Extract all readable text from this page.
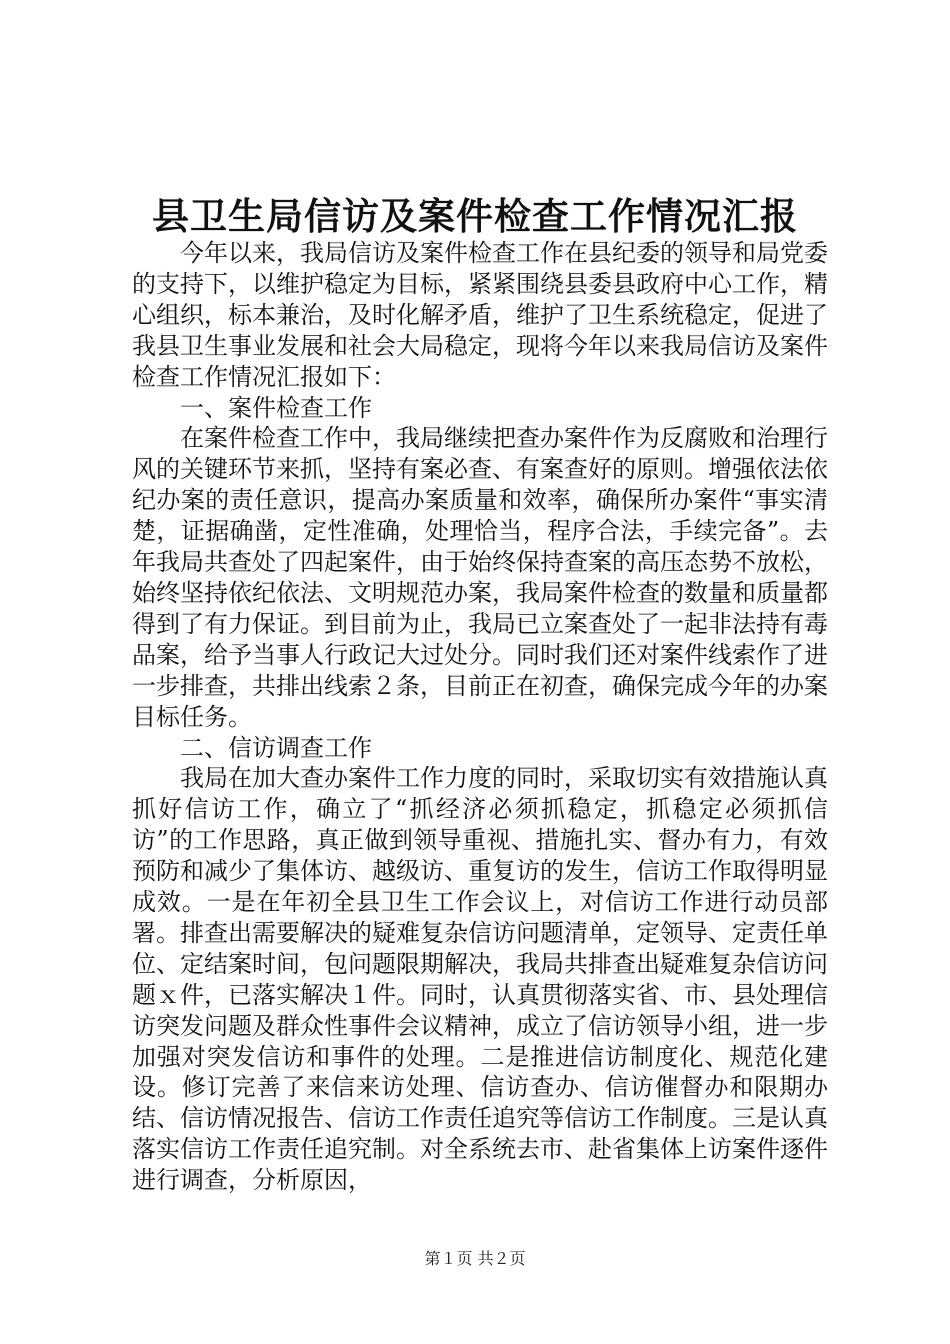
县卫生局信访及案件检查工作情况汇报

今年以来，我局信访及案件检查工作在县纪委的领导和局党委的支持下，以维护稳定为目标，紧紧围绕县委县政府中心工作，精心组织，标本兼治，及时化解矛盾，维护了卫生系统稳定，促进了我县卫生事业发展和社会大局稳定，现将今年以来我局信访及案件检查工作情况汇报如下：

一、案件检查工作

在案件检查工作中，我局继续把查办案件作为反腐败和治理行风的关键环节来抓，坚持有案必查、有案查好的原则。增强依法依纪办案的责任意识，提高办案质量和效率，确保所办案件“事实清楚，证据确凿，定性准确，处理恰当，程序合法，手续完备”。去年我局共查处了四起案件，由于始终保持查案的高压态势不放松，始终坚持依纪依法、文明规范办案，我局案件检查的数量和质量都得到了有力保证。到目前为止，我局已立案查处了一起非法持有毒品案，给予当事人行政记大过处分。同时我们还对案件线索作了进一步排查，共排出线索２条，目前正在初查，确保完成今年的办案目标任务。

二、信访调查工作

我局在加大查办案件工作力度的同时，采取切实有效措施认真抓好信访工作，确立了“抓经济必须抓稳定，抓稳定必须抓信访”的工作思路，真正做到领导重视、措施扎实、督办有力，有效预防和减少了集体访、越级访、重复访的发生，信访工作取得明显成效。一是在年初全县卫生工作会议上，对信访工作进行动员部署。排查出需要解决的疑难复杂信访问题清单，定领导、定责任单位、定结案时间，包问题限期解决，我局共排查出疑难复杂信访问题ｘ件，已落实解决１件。同时，认真贯彻落实省、市、县处理信访突发问题及群众性事件会议精神，成立了信访领导小组，进一步加强对突发信访和事件的处理。二是推进信访制度化、规范化建设。修订完善了来信来访处理、信访查办、信访催督办和限期办结、信访情况报告、信访工作责任追究等信访工作制度。三是认真落实信访工作责任追究制。对全系统去市、赴省集体上访案件逐件进行调查，分析原因，

第１页 共２页
